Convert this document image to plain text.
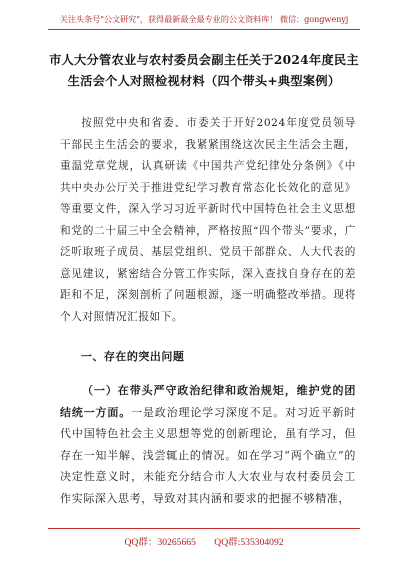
关注头条号"公文研究"，获得最新最全最专业的公文资料库！ 微信：gongwenyj
市人大分管农业与农村委员会副主任关于2024年度民主生活会个人对照检视材料（四个带头+典型案例）
按照党中央和省委、市委关于开好2024年度党员领导干部民主生活会的要求，我紧紧围绕这次民主生活会主题，重温党章党规，认真研读《中国共产党纪律处分条例》《中共中央办公厅关于推进党纪学习教育常态化长效化的意见》等重要文件，深入学习习近平新时代中国特色社会主义思想和党的二十届三中全会精神，严格按照“四个带头”要求，广泛听取班子成员、基层党组织、党员干部群众、人大代表的意见建议，紧密结合分管工作实际，深入查找自身存在的差距和不足，深刻剖析了问题根源，逐一明确整改举措。现将个人对照情况汇报如下。
一、存在的突出问题
（一）在带头严守政治纪律和政治规矩，维护党的团结统一方面。一是政治理论学习深度不足。对习近平新时代中国特色社会主义思想等党的创新理论，虽有学习，但存在一知半解、浅尝辄止的情况。如在学习“两个确立”的决定性意义时，未能充分结合市人大农业与农村委员会工作实际深入思考，导致对其内涵和要求的把握不够精准，
QQ群：30265665 QQ群:535304092
